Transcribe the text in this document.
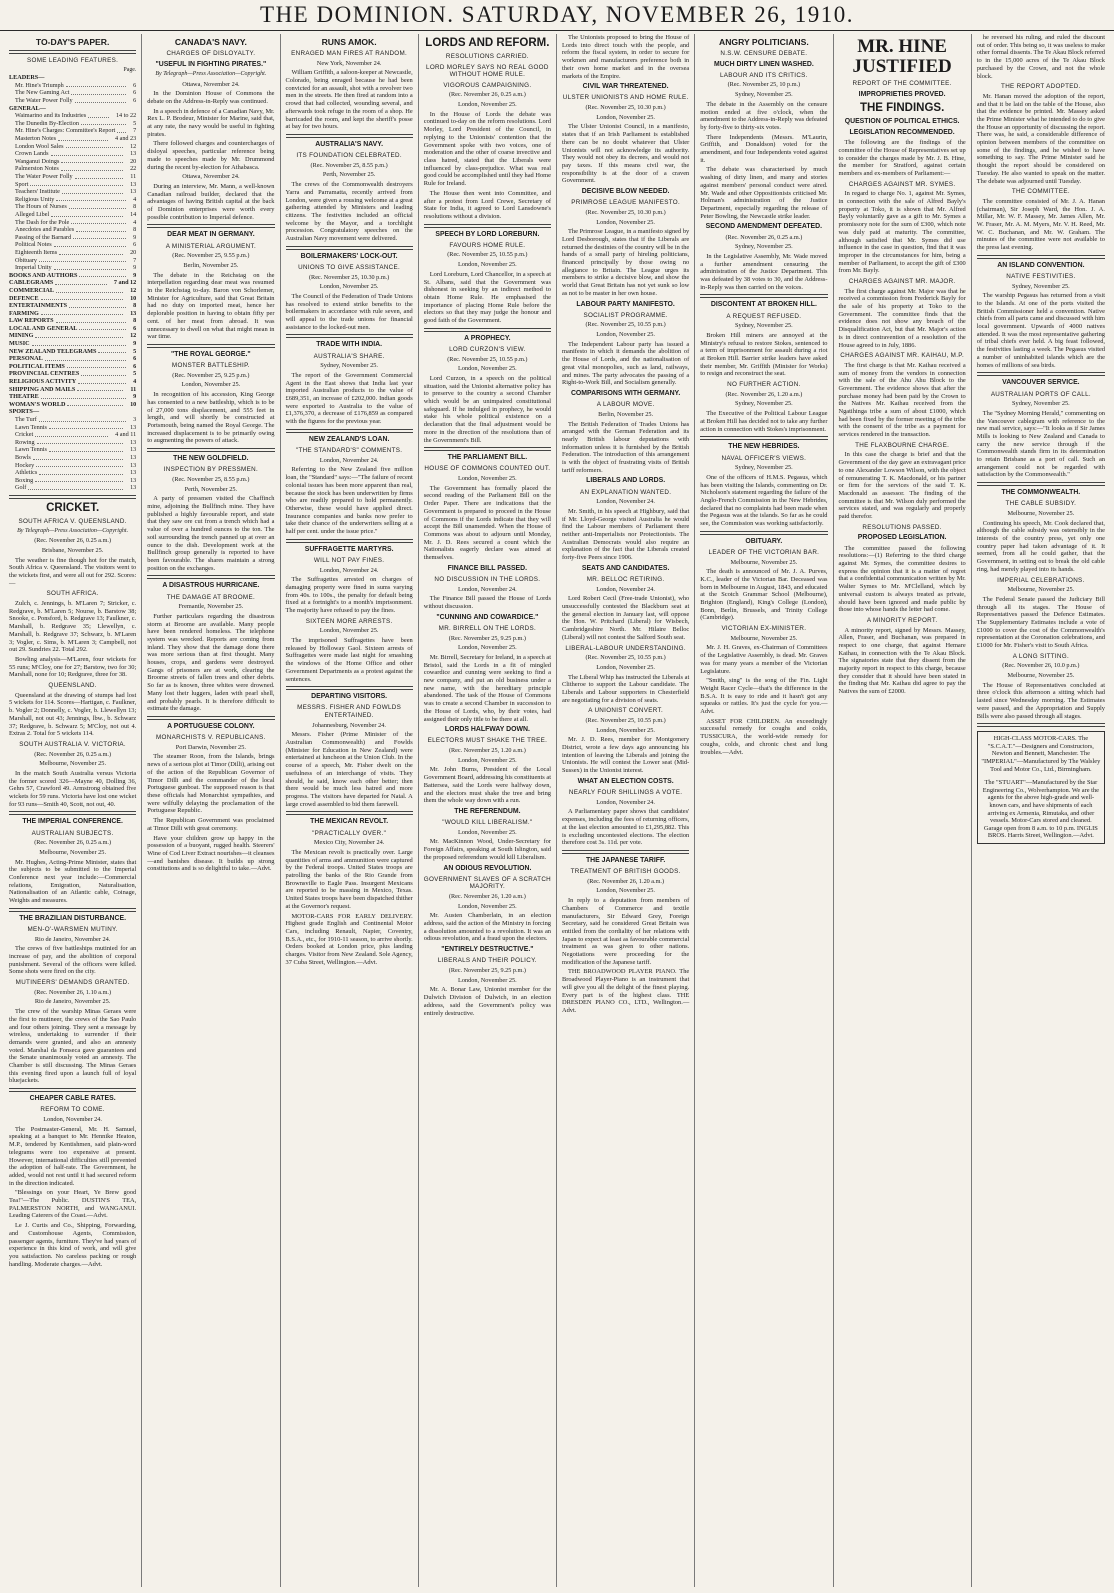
THE DOMINION. SATURDAY, NOVEMBER 26, 1910.
TO-DAY'S PAPER.
SOME LEADING FEATURES.
Page.
LEADERS—
Mr. Hine's Triumph	6
The New Gaming Act	6
The Water Power Folly	6
GENERAL—
Waimarino and its Industries	14 to 22
The Dunedin By-Election	5
Mr. Hine's Charges: Committee's Report	7
Masterton Notes	4 and 23
London Wool Sales	12
Crown Lands	13
Wanganui Doings	20
Palmerston Notes	22
The Water Power Folly	11
Sport	13
Teachers' Institute	13
Religious Unity	4
The Hours of Nurses	8
Alleged Libel	14
The Dash for the Pole	4
Anecdotes and Parables	8
Passing of the Barnard	9
Political Notes	6
Eighteenth Items	20
Obituary	7
Imperial Unity	9
BOOKS AND AUTHORS	9
CABLEGRAMS	7 and 12
COMMERCIAL	12
DEFENCE	10
ENTERTAINMENTS	8
FARMING	13
LAW REPORTS	8
LOCAL AND GENERAL	6
MINING	12
MUSIC	9
NEW ZEALAND TELEGRAMS	5
PERSONAL	6
POLITICAL ITEMS	6
PROVINCIAL CENTRES	5
RELIGIOUS ACTIVITY	4
SHIPPING AND MAILS	11
THEATRE	9
WOMAN'S WORLD	10
SPORTS—
The Turf	3
Lawn Tennis	13
Cricket	4 and 11
Rowing	13
Lawn Tennis	13
Bowls	13
Hockey	13
Athletics	13
Boxing	13
Golf	13
CRICKET.
SOUTH AFRICA V. QUEENSLAND.

By Telegraph—Press Association—Copyright.

(Rec. November 26, 0.25 a.m.)

Brisbane, November 25.

The weather is fine though hot for the match, South Africa v. Queensland. The visitors went to the wickets first, and were all out for 292. Scores:—

SOUTH AFRICA.

Zulch, c. Jennings, b. M'Laren 7; Stricker, c. Redgrave, b. M'Laren 5; Nourse, b. Barstow 38; Snooke, c. Ponsford, b. Redgrave 13; Faulkner, c. Marshall, b. Redgrave 35; Llewellyn, c. Marshall, b. Redgrave 37; Schwarz, b. M'Laren 3; Vogler, c. Sims, b. M'Laren 3; Campbell, not out 29. Sundries 22. Total 292.

Bowling analysis—M'Laren, four wickets for 55 runs; M'Cloy, one for 27; Barstow, two for 30; Marshall, none for 10; Redgrave, three for 38.

QUEENSLAND.

Queensland at the drawing of stumps had lost 5 wickets for 114. Scores—Hartigan, c. Faulkner, b. Vogler 2; Donnelly, c. Vogler, b. Llewellyn 13; Marshall, not out 43; Jennings, lbw., b. Schwarz 37; Redgrave, b. Schwarz 5; M'Cloy, not out 4. Extras 2. Total for 5 wickets 114.

SOUTH AUSTRALIA V. VICTORIA.

(Rec. November 26, 0.25 a.m.)

Melbourne, November 25.

In the match South Australia versus Victoria the former scored 326—Mayne 40, Dolling 36, Gehrs 57, Crawford 49. Armstrong obtained five wickets for 59 runs. Victoria have lost one wicket for 93 runs—Smith 40, Scott, not out, 40.

THE IMPERIAL CONFERENCE.
AUSTRALIAN SUBJECTS.

(Rec. November 26, 0.25 a.m.)

Melbourne, November 25.

Mr. Hughes, Acting-Prime Minister, states that the subjects to be submitted to the Imperial Conference next year include:—Commercial relations, Emigration, Naturalisation, Nationalisation of an Atlantic cable, Coinage, Weights and measures.

THE BRAZILIAN DISTURBANCE.
MEN-O'-WARSMEN MUTINY.

Rio de Janeiro, November 24.

The crews of five battleships mutinied for an increase of pay, and the abolition of corporal punishment. Several of the officers were killed. Some shots were fired on the city.

MUTINEERS' DEMANDS GRANTED.

(Rec. November 26, 1.10 a.m.)

Rio de Janeiro, November 25.

The crew of the warship Minas Geraes were the first to mutineer, the crews of the Sao Paulo and four others joining. They sent a message by wireless, undertaking to surrender if their demands were granted, and also an amnesty voted. Marshal da Fonseca gave guarantees and the Senate unanimously voted an amnesty. The Chamber is still discussing. The Minas Geraes this evening fired upon a launch full of loyal bluejackets.

CHEAPER CABLE RATES.
REFORM TO COME.

London, November 24.

The Postmaster-General, Mr. H. Samuel, speaking at a banquet to Mr. Hennike Heaton, M.P., tendered by Kentishmen, said plain-word telegrams were too expensive at present. However, international difficulties still prevented the adoption of half-rate. The Government, he added, would not rest until it had secured reform in the direction indicated.

"Blessings on your Heart, Ye Brew good Tea!"—The Public. DUSTIN'S TEA, PALMERSTON NORTH, and WANGANUI. Leading Caterers of the Coast.—Advt.

Le J. Curtis and Co., Shipping, Forwarding, and Customhouse Agents, Commission, passenger agents, furniture. They've had years of experience in this kind of work, and will give you satisfaction. No careless packing or rough handling. Moderate charges.—Advt.

CANADA'S NAVY.
CHARGES OF DISLOYALTY.
"USEFUL IN FIGHTING PIRATES."

By Telegraph—Press Association—Copyright.

Ottawa, November 24.

In the Dominion House of Commons the debate on the Address-in-Reply was continued.

In a speech in defence of a Canadian Navy, Mr. Rex L. P. Brodeur, Minister for Marine, said that, at any rate, the navy would be useful in fighting pirates.

There followed charges and countercharges of disloyal speeches, particular reference being made to speeches made by Mr. Drummond during the recent by-election for Athabasca.

Ottawa, November 24.

During an interview, Mr. Mann, a well-known Canadian railroad builder, declared that the advantages of having British capital at the back of Dominion enterprises were worth every possible contribution to Imperial defence.

DEAR MEAT IN GERMANY.
A MINISTERIAL ARGUMENT.

(Rec. November 25, 9.55 p.m.)

Berlin, November 25.

The debate in the Reichstag on the interpellation regarding dear meat was resumed in the Reichstag to-day. Baron von Schorlemer, Minister for Agriculture, said that Great Britain had no duty on imported meat, hence her deplorable position in having to obtain fifty per cent. of her meat from abroad. It was unnecessary to dwell on what that might mean in war time.

"THE ROYAL GEORGE."
MONSTER BATTLESHIP.

(Rec. November 25, 9.25 p.m.)

London, November 25.

In recognition of his accession, King George has consented to a new battleship, which is to be of 27,000 tons displacement, and 555 feet in length, and will shortly be constructed at Portsmouth, being named the Royal George. The increased displacement is to be primarily owing to augmenting the powers of attack.

THE NEW GOLDFIELD.
INSPECTION BY PRESSMEN.

(Rec. November 25, 8.55 p.m.)

Perth, November 25.

A party of pressmen visited the Chaffinch mine, adjoining the Bullfinch mine. They have published a highly favourable report, and state that they saw ore cut from a trench which had a value of over a hundred ounces to the ton. The soil surrounding the trench panned up at over an ounce to the dish. Development work at the Bullfinch group generally is reported to have been favourable. The shares maintain a strong position on the exchanges.

A DISASTROUS HURRICANE.
THE DAMAGE AT BROOME.

Fremantle, November 25.

Further particulars regarding the disastrous storm at Broome are available. Many people have been rendered homeless. The telephone system was wrecked. Reports are coming from inland. They show that the damage done there was more serious than at first thought. Many houses, crops, and gardens were destroyed. Gangs of prisoners are at work, clearing the Broome streets of fallen trees and other debris. So far as is known, three whites were drowned. Many lost their luggers, laden with pearl shell, and probably pearls. It is therefore difficult to estimate the damage.

A PORTUGUESE COLONY.
MONARCHISTS V. REPUBLICANS.

Port Darwin, November 25.

The steamer Roon, from the Islands, brings news of a serious plot at Timor (Dilli), arising out of the action of the Republican Governor of Timor Dilli and the commander of the local Portuguese gunboat. The supposed reason is that these officials had Monarchist sympathies, and were wilfully delaying the proclamation of the Portuguese Republic.

The Republican Government was proclaimed at Timor Dilli with great ceremony.

Have your children grow up happy in the possession of a buoyant, rugged health. Steerers' Wine of Cod Liver Extract nourishes—it cleanses—and banishes disease. It builds up strong constitutions and is so delightful to take.—Advt.

RUNS AMOK.
ENRAGED MAN FIRES AT RANDOM.

New York, November 24.

William Griffith, a saloon-keeper at Newcastle, Colorado, being enraged because he had been convicted for an assault, shot with a revolver two men in the streets. He then fired at random into a crowd that had collected, wounding several, and afterwards took refuge in the room of a shop. He barricaded the room, and kept the sheriff's posse at bay for two hours.

AUSTRALIA'S NAVY.
ITS FOUNDATION CELEBRATED.

(Rec. November 25, 8.55 p.m.)

Perth, November 25.

The crews of the Commonwealth destroyers Yarra and Parramatta, recently arrived from London, were given a rousing welcome at a great gathering attended by Ministers and leading citizens. The festivities included an official welcome by the Mayor, and a torchlight procession. Congratulatory speeches on the Australian Navy movement were delivered.

BOILERMAKERS' LOCK-OUT.
UNIONS TO GIVE ASSISTANCE.

(Rec. November 25, 10.30 p.m.)

London, November 25.

The Council of the Federation of Trade Unions has resolved to extend strike benefits to the boilermakers in accordance with rule seven, and will appeal to the trade unions for financial assistance to the locked-out men.

TRADE WITH INDIA.
AUSTRALIA'S SHARE.

Sydney, November 25.

The report of the Government Commercial Agent in the East shows that India last year imported Australian products to the value of £689,351, an increase of £202,000. Indian goods were exported to Australia to the value of £1,376,370, a decrease of £176,859 as compared with the figures for the previous year.

NEW ZEALAND'S LOAN.
"THE STANDARD'S" COMMENTS.

London, November 24.

Referring to the New Zealand five million loan, the "Standard" says:—"The failure of recent colonial issues has been more apparent than real, because the stock has been underwritten by firms who are readily prepared to hold permanently. Otherwise, these would have applied direct. Insurance companies and banks now prefer to take their chance of the underwriters selling at a half per cent. under the issue price."

SUFFRAGETTE MARTYRS.
WILL NOT PAY FINES.

London, November 24.

The Suffragettes arrested on charges of damaging property were fined in sums varying from 40s. to 100s., the penalty for default being fixed at a fortnight's to a month's imprisonment. The majority have refused to pay the fines.

SIXTEEN MORE ARRESTS.

London, November 25.

The imprisoned Suffragettes have been released by Holloway Gaol. Sixteen arrests of Suffragettes were made last night for smashing the windows of the Home Office and other Government Departments as a protest against the sentences.

DEPARTING VISITORS.
MESSRS. FISHER AND FOWLDS ENTERTAINED.

Johannesburg, November 24.

Messrs. Fisher (Prime Minister of the Australian Commonwealth) and Fowlds (Minister for Education in New Zealand) were entertained at luncheon at the Union Club. In the course of a speech, Mr. Fisher dwelt on the usefulness of an interchange of visits. They should, he said, know each other better; then there would be much less hatred and more progress. The visitors have departed for Natal. A large crowd assembled to bid them farewell.

THE MEXICAN REVOLT.
"PRACTICALLY OVER."

Mexico City, November 24.

The Mexican revolt is practically over. Large quantities of arms and ammunition were captured by the Federal troops. United States troops are patrolling the banks of the Rio Grande from Brownsville to Eagle Pass. Insurgent Mexicans are reported to be massing in Mexico, Texas. United States troops have been dispatched thither at the Governor's request.

MOTOR-CARS FOR EARLY DELIVERY. Highest grade English and Continental Motor Cars, including Renault, Napier, Coventry, B.S.A., etc., for 1910-11 season, to arrive shortly. Orders booked at London price, plus landing charges. Visitor from New Zealand. Sole Agency, 37 Cuba Street, Wellington.—Advt.

LORDS AND REFORM.
RESOLUTIONS CARRIED.
LORD MORLEY SAYS NO REAL GOOD WITHOUT HOME RULE.
VIGOROUS CAMPAIGNING.

(Rec. November 26, 0.25 a.m.)

London, November 25.

In the House of Lords the debate was continued to-day on the reform resolutions. Lord Morley, Lord President of the Council, in replying to the Unionists' contention that the Government spoke with two voices, one of moderation and the other of coarse invective and class hatred, stated that the Liberals were influenced by class-prejudice. What was real good could be accomplished until they had Home Rule for Ireland.

The House then went into Committee, and after a protest from Lord Crewe, Secretary of State for India, it agreed to Lord Lansdowne's resolutions without a division.

SPEECH BY LORD LOREBURN.
FAVOURS HOME RULE.

(Rec. November 25, 10.55 p.m.)

London, November 25.

Lord Loreburn, Lord Chancellor, in a speech at St. Albans, said that the Government was dishonest in seeking by an indirect method to obtain Home Rule. He emphasised the importance of placing Home Rule before the electors so that they may judge the honour and good faith of the Government.

A PROPHECY.
LORD CURZON'S VIEW.

(Rec. November 25, 10.55 p.m.)

London, November 25.

Lord Curzon, in a speech on the political situation, said the Unionist alternative policy has to preserve to the country a second Chamber which would be an unimpaired constitutional safeguard. If he indulged in prophecy, he would stake his whole political existence on a declaration that the final adjustment would be more in the direction of the resolutions than of the Government's Bill.

THE PARLIAMENT BILL.
HOUSE OF COMMONS COUNTED OUT.

London, November 25.

The Government has formally placed the second reading of the Parliament Bill on the Order Paper. There are indications that the Government is prepared to proceed in the House of Commons if the Lords indicate that they will accept the Bill unamended. When the House of Commons was about to adjourn until Monday, Mr. J. D. Rees secured a count which the Nationalists eagerly declare was aimed at themselves.

FINANCE BILL PASSED.
NO DISCUSSION IN THE LORDS.

London, November 24.

The Finance Bill passed the House of Lords without discussion.

"CUNNING AND COWARDICE."
MR. BIRRELL ON THE LORDS.

(Rec. November 25, 9.25 p.m.)

London, November 25.

Mr. Birrell, Secretary for Ireland, in a speech at Bristol, said the Lords in a fit of mingled cowardice and cunning were seeking to find a new company, and put an old business under a new name, with the hereditary principle abandoned. The task of the House of Commons was to create a second Chamber in succession to the House of Lords, who, by their votes, had assigned their only title to be there at all.

LORDS HALFWAY DOWN.
ELECTORS MUST SHAKE THE TREE.

(Rec. November 25, 1.20 a.m.)

London, November 25.

Mr. John Burns, President of the Local Government Board, addressing his constituents at Battersea, said the Lords were halfway down, and the electors must shake the tree and bring them the whole way down with a run.

THE REFERENDUM.
"WOULD KILL LIBERALISM."

London, November 25.

Mr. MacKinnon Wood, Under-Secretary for Foreign Affairs, speaking at South Islington, said the proposed referendum would kill Liberalism.

AN ODIOUS REVOLUTION.
GOVERNMENT SLAVES OF A SCRATCH MAJORITY.

(Rec. November 26, 1.20 a.m.)

London, November 25.

Mr. Austen Chamberlain, in an election address, said the action of the Ministry in forcing a dissolution amounted to a revolution. It was an odious revolution, and a fraud upon the electors.

"ENTIRELY DESTRUCTIVE."
LIBERALS AND THEIR POLICY.

(Rec. November 25, 9.25 p.m.)

London, November 25.

Mr. A. Bonar Law, Unionist member for the Dulwich Division of Dulwich, in an election address, said the Government's policy was entirely destructive.

The Unionists proposed to bring the House of Lords into direct touch with the people, and reform the fiscal system, in order to secure for workmen and manufacturers preference both in their own home market and in the oversea markets of the Empire.

CIVIL WAR THREATENED.
ULSTER UNIONISTS AND HOME RULE.

(Rec. November 25, 10.30 p.m.)

London, November 25.

The Ulster Unionist Council, in a manifesto, states that if an Irish Parliament is established there can be no doubt whatever that Ulster Unionists will not acknowledge its authority. They would not obey its decrees, and would not pay taxes. If this means civil war, the responsibility is at the door of a craven Government.

DECISIVE BLOW NEEDED.
PRIMROSE LEAGUE MANIFESTO.

(Rec. November 25, 10.30 p.m.)

London, November 25.

The Primrose League, in a manifesto signed by Lord Desborough, states that if the Liberals are returned the destinies of the country will be in the hands of a small party of hireling politicians, financed principally by those owing no allegiance to Britain. The League urges its members to strike a decisive blow, and show the world that Great Britain has not yet sunk so low as not to be master in her own house.

LABOUR PARTY MANIFESTO.
SOCIALIST PROGRAMME.

(Rec. November 25, 10.55 p.m.)

London, November 25.

The Independent Labour party has issued a manifesto in which it demands the abolition of the House of Lords, and the nationalisation of great vital monopolies, such as land, railways, and mines. The party advocates the passing of a Right-to-Work Bill, and Socialism generally.

COMPARISONS WITH GERMANY.
A LABOUR MOVE.

Berlin, November 25.

The British Federation of Trades Unions has arranged with the German Federation and its nearly British labour deputations with information unless it is furnished by the British Federation. The introduction of this arrangement is with the object of frustrating visits of British tariff reformers.

LIBERALS AND LORDS.
AN EXPLANATION WANTED.

London, November 24.

Mr. Smith, in his speech at Highbury, said that if Mr. Lloyd-George visited Australia he would find the Labour members of Parliament there neither anti-Imperialists nor Protectionists. The Australian Democrats would also require an explanation of the fact that the Liberals created forty-five Peers since 1906.

SEATS AND CANDIDATES.
MR. BELLOC RETIRING.

London, November 24.

Lord Robert Cecil (Free-trade Unionist), who unsuccessfully contested the Blackburn seat at the general election in January last, will oppose the Hon. W. Pritchard (Liberal) for Wisbech, Cambridgeshire North. Mr. Hilaire Belloc (Liberal) will not contest the Salford South seat.

LIBERAL-LABOUR UNDERSTANDING.

(Rec. November 25, 10.55 p.m.)

London, November 25.

The Liberal Whip has instructed the Liberals at Clitheroe to support the Labour candidate. The Liberals and Labour supporters in Chesterfield are negotiating for a division of seats.

A UNIONIST CONVERT.

(Rec. November 25, 10.55 p.m.)

London, November 25.

Mr. J. D. Rees, member for Montgomery District, wrote a few days ago announcing his intention of leaving the Liberals and joining the Unionists. He will contest the Lower seat (Mid-Sussex) in the Unionist interest.

WHAT AN ELECTION COSTS.
NEARLY FOUR SHILLINGS A VOTE.

London, November 24.

A Parliamentary paper shows that candidates' expenses, including the fees of returning officers, at the last election amounted to £1,295,882. This is excluding uncontested elections. The election therefore cost 3s. 11d. per vote.

THE JAPANESE TARIFF.
TREATMENT OF BRITISH GOODS.

(Rec. November 26, 1.20 a.m.)

London, November 25.

In reply to a deputation from members of Chambers of Commerce and textile manufacturers, Sir Edward Grey, Foreign Secretary, said he considered Great Britain was entitled from the cordiality of her relations with Japan to expect at least as favourable commercial treatment as was given to other nations. Negotiations were proceeding for the modification of the Japanese tariff.

THE BROADWOOD PLAYER PIANO. The Broadwood Player-Piano is an instrument that will give you all the delight of the finest playing. Every part is of the highest class. THE DRESDEN PIANO CO., LTD., Wellington.—Advt.

ANGRY POLITICIANS.
N.S.W. CENSURE DEBATE.
MUCH DIRTY LINEN WASHED.
LABOUR AND ITS CRITICS.

(Rec. November 25, 10 p.m.)

Sydney, November 25.

The debate in the Assembly on the censure motion ended at five o'clock, when the amendment to the Address-in-Reply was defeated by forty-five to thirty-six votes.

There Independents (Messrs. M'Laurin, Griffith, and Donaldson) voted for the amendment, and four Independents voted against it.

The debate was characterised by much washing of dirty linen, and many and stories against members' personal conduct were aired. Mr. Wade and other Oppositionists criticised Mr. Holman's administration of the Justice Department, especially regarding the release of Peter Bowling, the Newcastle strike leader.

SECOND AMENDMENT DEFEATED.

(Rec. November 26, 0.25 a.m.)

Sydney, November 25.

In the Legislative Assembly, Mr. Wade moved a further amendment censuring the administration of the Justice Department. This was defeated by 38 votes to 30, and the Address-in-Reply was then carried on the voices.

DISCONTENT AT BROKEN HILL.
A REQUEST REFUSED.

Sydney, November 25.

Broken Hill miners are annoyed at the Ministry's refusal to restore Stokes, sentenced to a term of imprisonment for assault during a riot at Broken Hill. Barrier strike leaders have asked their member, Mr. Griffith (Minister for Works) to resign and reconstruct the seat.

NO FURTHER ACTION.

(Rec. November 26, 1.20 a.m.)

Sydney, November 25.

The Executive of the Political Labour League at Broken Hill has decided not to take any further action in connection with Stokes's imprisonment.

THE NEW HEBRIDES.
NAVAL OFFICER'S VIEWS.

Sydney, November 25.

One of the officers of H.M.S. Pegasus, which has been visiting the Islands, commenting on Dr. Nicholson's statement regarding the failure of the Anglo-French Commission in the New Hebrides, declared that no complaints had been made when the Pegasus was at the islands. So far as he could see, the Commission was working satisfactorily.

OBITUARY.
LEADER OF THE VICTORIAN BAR.

Melbourne, November 25.

The death is announced of Mr. J. A. Purves, K.C., leader of the Victorian Bar. Deceased was born in Melbourne in August, 1843, and educated at the Scotch Grammar School (Melbourne), Brighton (England), King's College (London), Bonn, Berlin, Brussels, and Trinity College (Cambridge).

VICTORIAN EX-MINISTER.

Melbourne, November 25.

Mr. J. H. Graves, ex-Chairman of Committees of the Legislative Assembly, is dead. Mr. Graves was for many years a member of the Victorian Legislature.

"Smith, sing" is the song of the Fin. Light Weight Racer Cycle—that's the difference in the B.S.A. It is easy to ride and it hasn't got any squeaks or rattles. It's just the cycle for you.—Advt.

ASSET FOR CHILDREN. An exceedingly successful remedy for coughs and colds, TUSSICURA, the world-wide remedy for coughs, colds, and chronic chest and lung troubles.—Advt.

MR. HINE JUSTIFIED
REPORT OF THE COMMITTEE.
IMPROPRIETIES PROVED.
THE FINDINGS.
QUESTION OF POLITICAL ETHICS.
LEGISLATION RECOMMENDED.

The following are the findings of the committee of the House of Representatives set up to consider the charges made by Mr. J. B. Hine, the member for Stratford, against certain members and ex-members of Parliament:—

CHARGES AGAINST MR. SYMES.

In regard to charge No. 1, against Mr. Symes, in connection with the sale of Alfred Bayly's property at Toko, it is shown that Mr. Alfred Bayly voluntarily gave as a gift to Mr. Symes a promissory note for the sum of £300, which note was duly paid at maturity. The committee, although satisfied that Mr. Symes did use influence in the case in question, find that it was improper in the circumstances for him, being a member of Parliament, to accept the gift of £300 from Mr. Bayly.

CHARGES AGAINST MR. MAJOR.

The first charge against Mr. Major was that he received a commission from Frederick Bayly for the sale of his property at Toko to the Government. The committee finds that the evidence does not show any breach of the Disqualification Act, but that Mr. Major's action is in direct contravention of a resolution of the House agreed to in July, 1886.

CHARGES AGAINST MR. KAIHAU, M.P.

The first charge is that Mr. Kaihau received a sum of money from the vendors in connection with the sale of the Ahu Ahu Block to the Government. The evidence shows that after the purchase money had been paid by the Crown to the Natives Mr. Kaihau received from the Ngatihinga tribe a sum of about £1000, which had been fixed by the former meeting of the tribe with the consent of the tribe as a payment for services rendered in the transaction.

THE FLAXBOURNE CHARGE.

In this case the charge is brief and that the Government of the day gave an extravagant price to one Alexander Lowson Wilson, with the object of remunerating T. K. Macdonald, or his partner or firm for the services of the said T. K. Macdonald as assessor. The finding of the committee is that Mr. Wilson duly performed the services stated, and was regularly and properly paid therefor.

RESOLUTIONS PASSED.
PROPOSED LEGISLATION.

The committee passed the following resolutions:—(1) Referring to the third charge against Mr. Symes, the committee desires to express the opinion that it is a matter of regret that a confidential communication written by Mr. Walter Symes to Mr. M'Clelland, which by universal custom is always treated as private, should have been ignored and made public by those into whose hands the letter had come.

A MINORITY REPORT.

A minority report, signed by Messrs. Massey, Allen, Fraser, and Buchanan, was prepared in respect to one charge, that against Hemare Kaihau, in connection with the Te Akau Block. The signatories state that they dissent from the majority report in respect to this charge, because they consider that it should have been stated in the finding that Mr. Kaihau did agree to pay the Natives the sum of £2000.

he reversed his ruling, and ruled the discount out of order. This being so, it was useless to make other formal dissents. The Te Akau Block referred to in the 15,000 acres of the Te Akau Block purchased by the Crown, and not the whole block.

THE REPORT ADOPTED.

Mr. Hanan moved the adoption of the report, and that it be laid on the table of the House, also that the evidence be printed. Mr. Massey asked the Prime Minister what he intended to do to give the House an opportunity of discussing the report. There was, he said, a considerable difference of opinion between members of the committee on some of the findings, and he wished to have something to say. The Prime Minister said he thought the report should be considered on Tuesday. He also wanted to speak on the matter. The debate was adjourned until Tuesday.

THE COMMITTEE.

The committee consisted of Mr. J. A. Hanan (chairman), Sir Joseph Ward, the Hon. J. A. Millar, Mr. W. F. Massey, Mr. James Allen, Mr. W. Fraser, Mr. A. M. Myers, Mr. V. H. Reed, Mr. W. C. Buchanan, and Mr. W. Graham. The minutes of the committee were not available to the press last evening.

AN ISLAND CONVENTION.
NATIVE FESTIVITIES.

Sydney, November 25.

The warship Pegasus has returned from a visit to the Islands. At one of the ports visited the British Commissioner held a convention. Native chiefs from all parts came and discussed with him local government. Upwards of 4000 natives attended. It was the most representative gathering of tribal chiefs ever held. A big feast followed, the festivities lasting a week. The Pegasus visited a number of uninhabited islands which are the homes of millions of sea birds.

VANCOUVER SERVICE.
AUSTRALIAN PORTS OF CALL.

Sydney, November 25.

The "Sydney Morning Herald," commenting on the Vancouver cablegram with reference to the new mail service, says:—"It looks as if Sir James Mills is looking to New Zealand and Canada to carry the new service through if the Commonwealth stands firm in its determination to retain Brisbane as a port of call. Such an arrangement could not be regarded with satisfaction by the Commonwealth."

THE COMMONWEALTH.
THE CABLE SUBSIDY.

Melbourne, November 25.

Continuing his speech, Mr. Cook declared that, although the cable subsidy was ostensibly in the interests of the country press, yet only one country paper had taken advantage of it. It seemed, from all he could gather, that the Government, in setting out to break the old cable ring, had merely played into its hands.

IMPERIAL CELEBRATIONS.

Melbourne, November 25.

The Federal Senate passed the Judiciary Bill through all its stages. The House of Representatives passed the Defence Estimates. The Supplementary Estimates include a vote of £1000 to cover the cost of the Commonwealth's representation at the Coronation celebrations, and £1000 for Mr. Fisher's visit to South Africa.

A LONG SITTING.

(Rec. November 26, 10.0 p.m.)

Melbourne, November 25.

The House of Representatives concluded at three o'clock this afternoon a sitting which had lasted since Wednesday morning. The Estimates were passed, and the Appropriation and Supply Bills were also passed through all stages.

HIGH-CLASS MOTOR-CARS. The "S.C.A.T."—Designers and Constructors, Newton and Bennett, Manchester. The "IMPERIAL"—Manufactured by The Walsley Tool and Motor Co., Ltd., Birmingham.
The "STUART"—Manufactured by the Star Engineering Co., Wolverhampton. We are the agents for the above high-grade and well-known cars, and have shipments of each arriving ex Armenia, Rimutaka, and other vessels. Motor-Cars stored and cleaned. Garage open from 8 a.m. to 10 p.m. INGLIS BROS. Harris Street, Wellington.—Advt.
